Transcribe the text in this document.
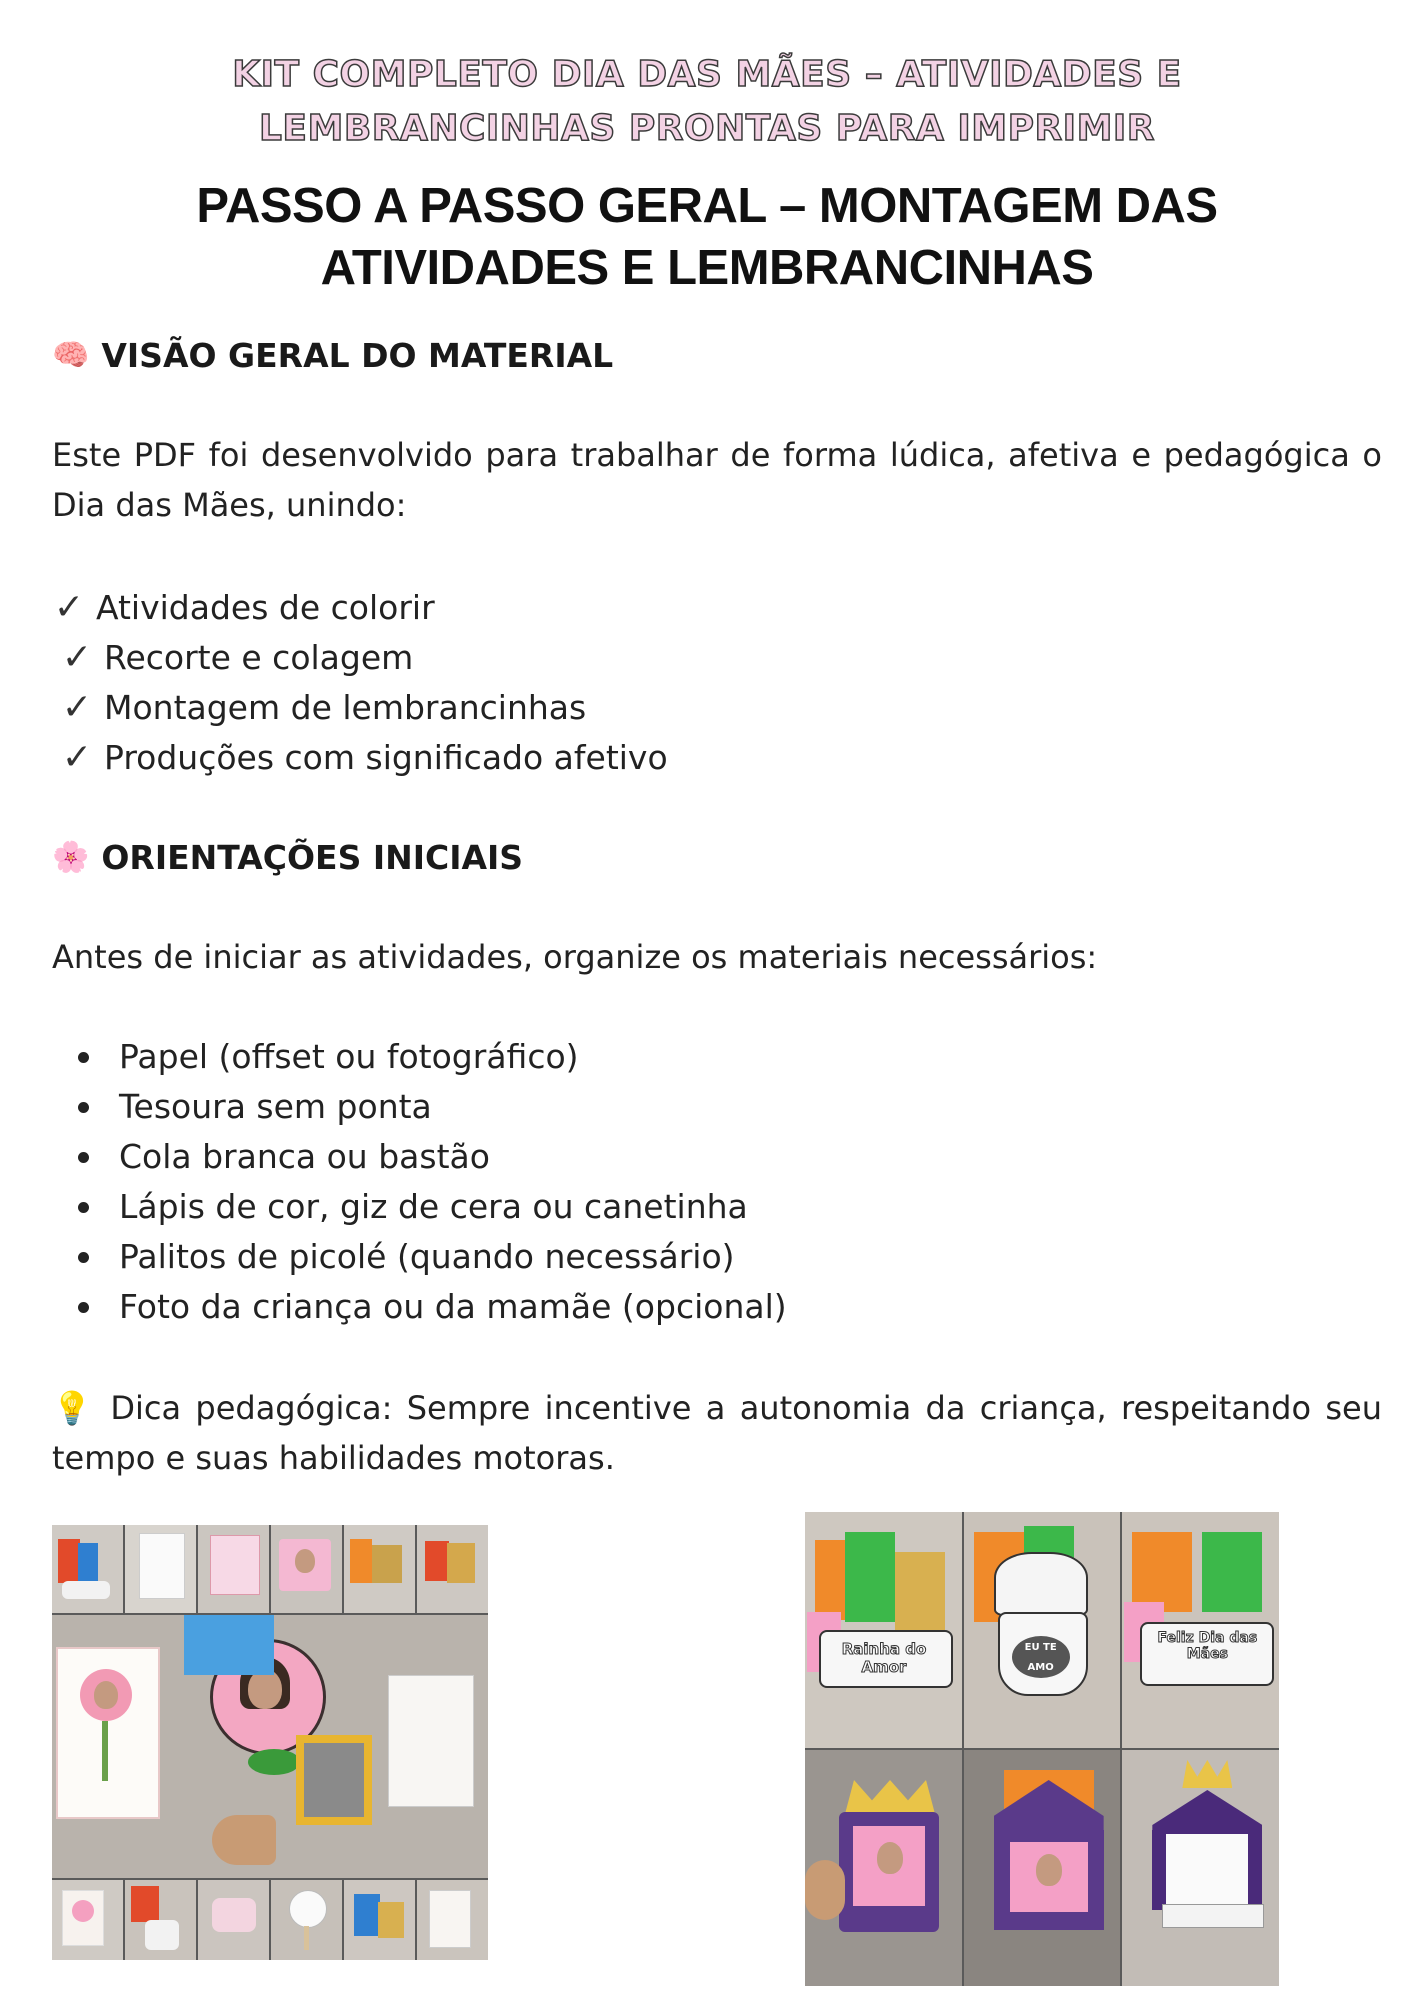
KIT COMPLETO DIA DAS MÃES – ATIVIDADES E
LEMBRANCINHAS PRONTAS PARA IMPRIMIR
PASSO A PASSO GERAL – MONTAGEM DAS
ATIVIDADES E LEMBRANCINHAS
🧠 VISÃO GERAL DO MATERIAL
Este PDF foi desenvolvido para trabalhar de forma lúdica, afetiva e pedagógica o Dia das Mães, unindo:
✓ Atividades de colorir
✓ Recorte e colagem
✓ Montagem de lembrancinhas
✓ Produções com significado afetivo
🌸 ORIENTAÇÕES INICIAIS
Antes de iniciar as atividades, organize os materiais necessários:
Papel (offset ou fotográfico)
Tesoura sem ponta
Cola branca ou bastão
Lápis de cor, giz de cera ou canetinha
Palitos de picolé (quando necessário)
Foto da criança ou da mamãe (opcional)
💡 Dica pedagógica: Sempre incentive a autonomia da criança, respeitando seu tempo e suas habilidades motoras.
Rainha do Amor
EU TE AMO
Feliz Dia das Mães
